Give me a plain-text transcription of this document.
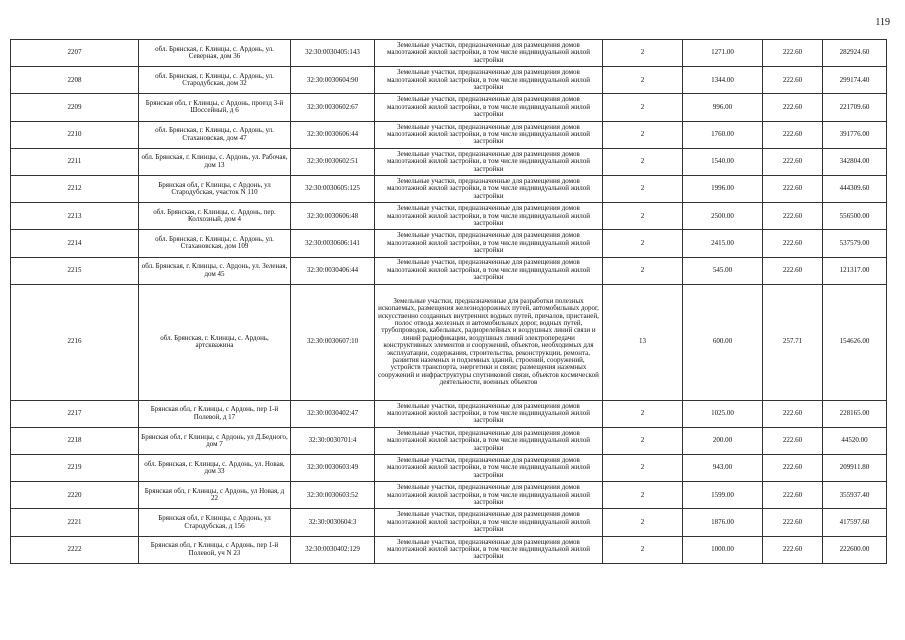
119
2207	обл. Брянская, г. Клинцы, с. Ардонь, ул. Северная, дом 36	32:30:0030405:143	Земельные участки, предназначенные для размещения домов малоэтажной жилой застройки, в том числе индивидуальной жилой застройки	2	1271.00	222.60	282924.60
2208	обл. Брянская, г. Клинцы, с. Ардонь, ул. Стародубская, дом 32	32:30:0030604:90	Земельные участки, предназначенные для размещения домов малоэтажной жилой застройки, в том числе индивидуальной жилой застройки	2	1344.00	222.60	299174.40
2209	Брянская обл, г Клинцы, с Ардонь, проезд 3-й Шоссейный, д 6	32:30:0030602:67	Земельные участки, предназначенные для размещения домов малоэтажной жилой застройки, в том числе индивидуальной жилой застройки	2	996.00	222.60	221709.60
2210	обл. Брянская, г. Клинцы, с. Ардонь, ул. Стахановская, дом 47	32:30:0030606:44	Земельные участки, предназначенные для размещения домов малоэтажной жилой застройки, в том числе индивидуальной жилой застройки	2	1760.00	222.60	391776.00
2211	обл. Брянская, г. Клинцы, с. Ардонь, ул. Рабочая, дом 13	32:30:0030602:51	Земельные участки, предназначенные для размещения домов малоэтажной жилой застройки, в том числе индивидуальной жилой застройки	2	1540.00	222.60	342804.00
2212	Брянская обл, г Клинцы, с Ардонь, ул Стародубская, участок N 110	32:30:0030605:125	Земельные участки, предназначенные для размещения домов малоэтажной жилой застройки, в том числе индивидуальной жилой застройки	2	1996.00	222.60	444309.60
2213	обл. Брянская, г. Клинцы, с. Ардонь, пер. Колхозный, дом 4	32:30:0030606:48	Земельные участки, предназначенные для размещения домов малоэтажной жилой застройки, в том числе индивидуальной жилой застройки	2	2500.00	222.60	556500.00
2214	обл. Брянская, г. Клинцы, с. Ардонь, ул. Стахановская, дом 109	32:30:0030606:141	Земельные участки, предназначенные для размещения домов малоэтажной жилой застройки, в том числе индивидуальной жилой застройки	2	2415.00	222.60	537579.00
2215	обл. Брянская, г. Клинцы, с. Ардонь, ул. Зеленая, дом 45	32:30:0030406:44	Земельные участки, предназначенные для размещения домов малоэтажной жилой застройки, в том числе индивидуальной жилой застройки	2	545.00	222.60	121317.00
2216	обл. Брянская, г. Клинцы, с. Ардонь, артскважина	32:30:0030607:10	Земельные участки, предназначенные для разработки полезных ископаемых, размещения железнодорожных путей, автомобильных дорог, искусственно созданных внутренних водных путей, причалов, пристаней, полос отвода железных и автомобильных дорог, водных путей, трубопроводов, кабельных, радиорелейных и воздушных линий связи и линий радиофикации, воздушных линий электропередачи конструктивных элементов и сооружений, объектов, необходимых для эксплуатации, содержания, строительства, реконструкции, ремонта, развития наземных и подземных зданий, строений, сооружений, устройств транспорта, энергетики и связи; размещения наземных сооружений и инфраструктуры спутниковой связи, объектов космической деятельности, военных объектов	13	600.00	257.71	154626.00
2217	Брянская обл, г Клинцы, с Ардонь, пер 1-й Полевой, д 17	32:30:0030402:47	Земельные участки, предназначенные для размещения домов малоэтажной жилой застройки, в том числе индивидуальной жилой застройки	2	1025.00	222.60	228165.00
2218	Брянская обл, г Клинцы, с Ардонь, ул Д.Бедного, дом 7	32:30:0030701:4	Земельные участки, предназначенные для размещения домов малоэтажной жилой застройки, в том числе индивидуальной жилой застройки	2	200.00	222.60	44520.00
2219	обл. Брянская, г. Клинцы, с. Ардонь, ул. Новая, дом 33	32:30:0030603:49	Земельные участки, предназначенные для размещения домов малоэтажной жилой застройки, в том числе индивидуальной жилой застройки	2	943.00	222.60	209911.80
2220	Брянская обл, г Клинцы, с Ардонь, ул Новая, д 22	32:30:0030603:52	Земельные участки, предназначенные для размещения домов малоэтажной жилой застройки, в том числе индивидуальной жилой застройки	2	1599.00	222.60	355937.40
2221	Брянская обл, г Клинцы, с Ардонь, ул Стародубская, д 156	32:30:0030604:3	Земельные участки, предназначенные для размещения домов малоэтажной жилой застройки, в том числе индивидуальной жилой застройки	2	1876.00	222.60	417597.60
2222	Брянская обл, г Клинцы, с Ардонь, пер 1-й Полевой, уч N 23	32:30:0030402:129	Земельные участки, предназначенные для размещения домов малоэтажной жилой застройки, в том числе индивидуальной жилой застройки	2	1000.00	222.60	222600.00
